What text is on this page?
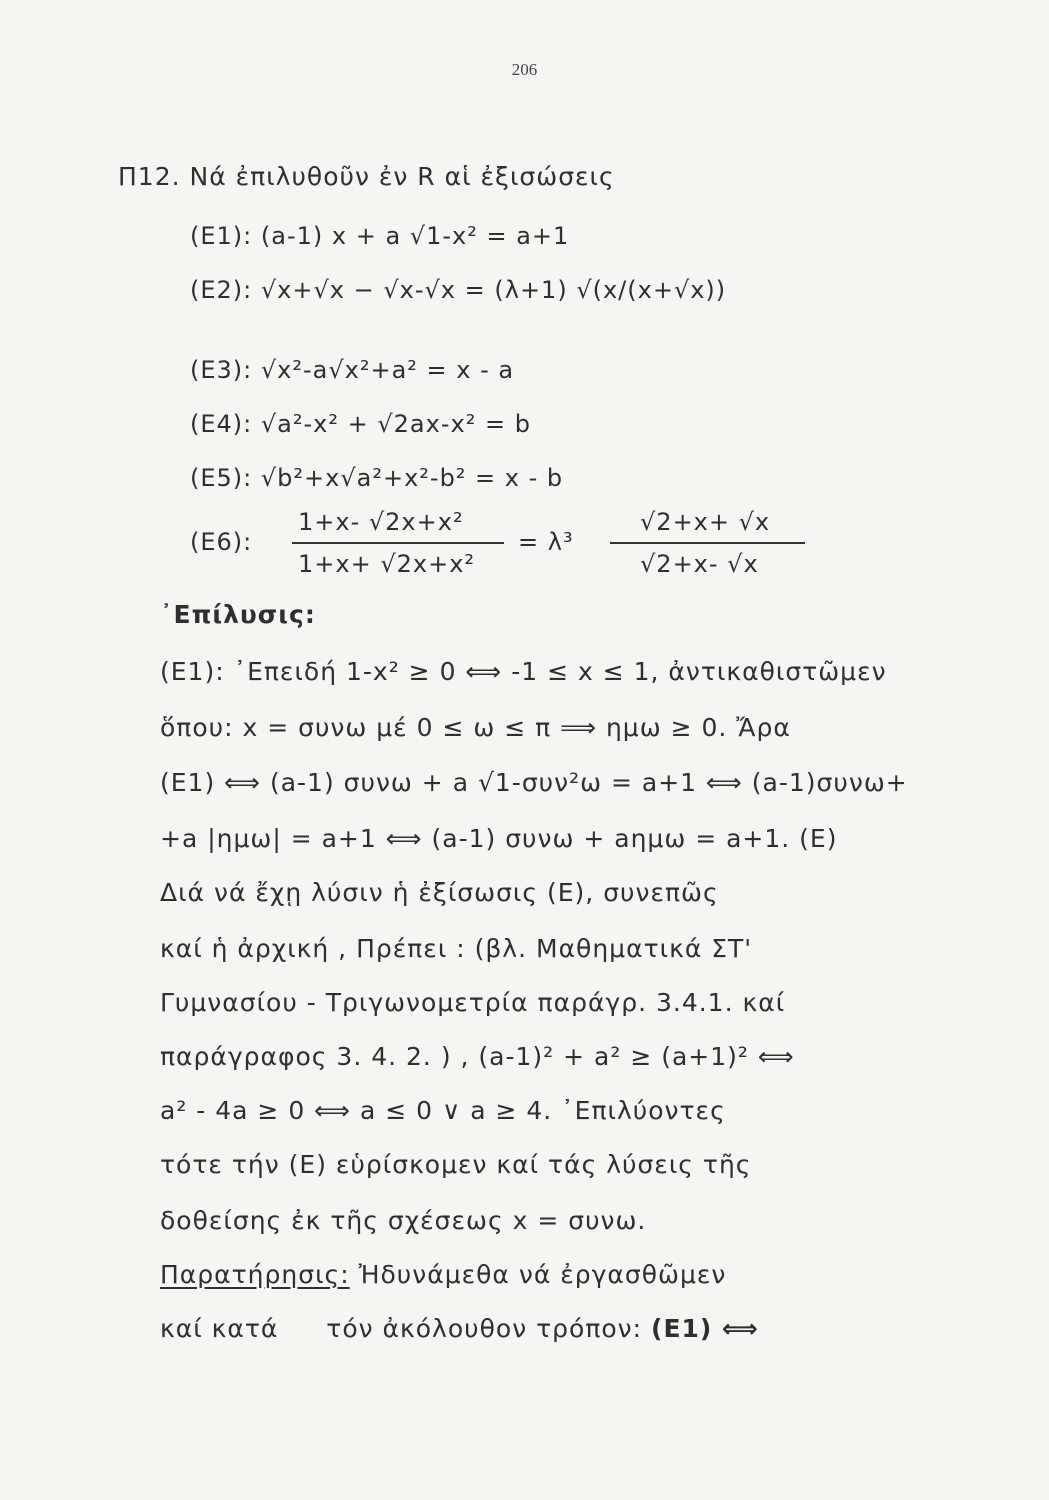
206
Π12. Νά ἐπιλυθοῦν ἐν R αἱ ἐξισώσεις
(E1): (a-1) x + a √1-x² = a+1
(E2): √x+√x − √x-√x = (λ+1) √(x/(x+√x))
(E3): √x²-a√x²+a² = x - a
(E4): √a²-x² + √2ax-x² = b
(E5): √b²+x√a²+x²-b² = x - b
(E6):
1+x- √2x+x²
1+x+ √2x+x²
= λ³
√2+x+ √x
√2+x- √x
᾿Επίλυσις:
(E1): ᾿Επειδή 1-x² ≥ 0 ⟺ -1 ≤ x ≤ 1, ἀντικαθιστῶμεν
ὅπου: x = συνω μέ 0 ≤ ω ≤ π ⟹ ημω ≥ 0. Ἄρα
(E1) ⟺ (a-1) συνω + a √1-συν²ω = a+1 ⟺ (a-1)συνω+
+a |ημω| = a+1 ⟺ (a-1) συνω + aημω = a+1. (E)
Διά νά ἔχῃ λύσιν ἡ ἐξίσωσις (E), συνεπῶς
καί ἡ ἀρχική , Πρέπει : (βλ. Μαθηματικά ΣΤ'
Γυμνασίου - Τριγωνομετρία παράγρ. 3.4.1. καί
παράγραφος 3. 4. 2. ) , (a-1)² + a² ≥ (a+1)² ⟺
a² - 4a ≥ 0 ⟺ a ≤ 0 ∨ a ≥ 4. ᾿Επιλύοντες
τότε τήν (E) εὑρίσκομεν καί τάς λύσεις τῆς
δοθείσης ἐκ τῆς σχέσεως x = συνω.
Παρατήρησις: Ἠδυνάμεθα νά ἐργασθῶμεν
καί κατά τόν ἀκόλουθον τρόπον: (E1) ⟺
